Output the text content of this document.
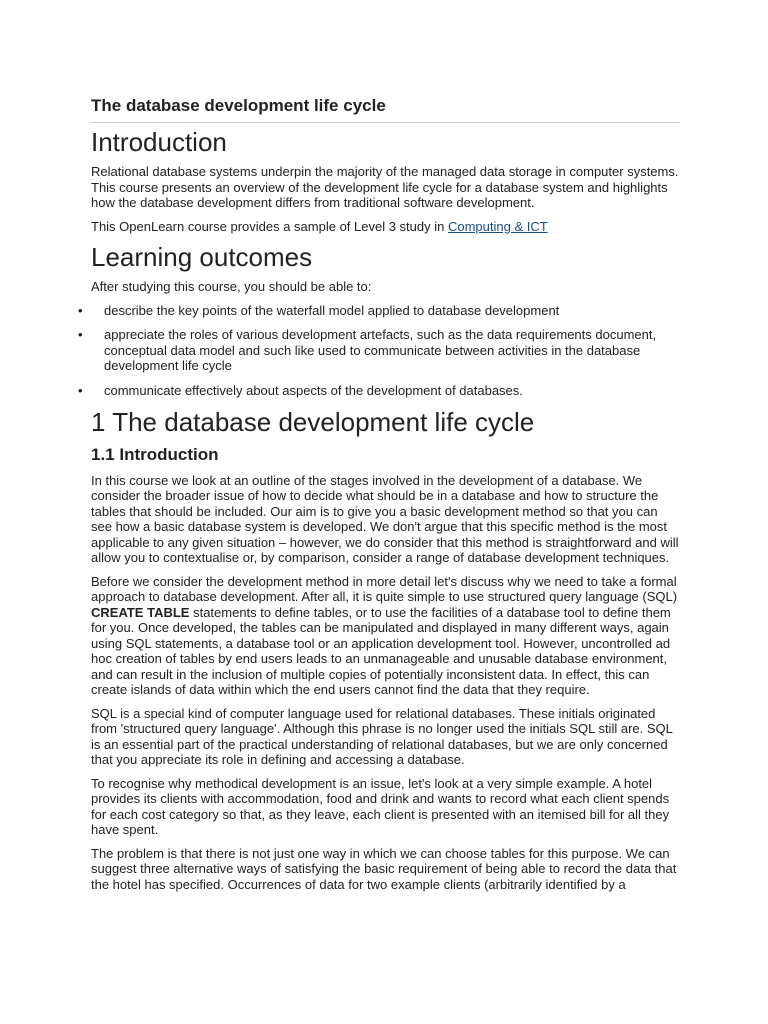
The database development life cycle
Introduction

Relational database systems underpin the majority of the managed data storage in computer systems. This course presents an overview of the development life cycle for a database system and highlights how the database development differs from traditional software development.

This OpenLearn course provides a sample of Level 3 study in Computing & ICT

Learning outcomes

After studying this course, you should be able to:

• describe the key points of the waterfall model applied to database development
• appreciate the roles of various development artefacts, such as the data requirements document, conceptual data model and such like used to communicate between activities in the database development life cycle
• communicate effectively about aspects of the development of databases.
1 The database development life cycle
1.1 Introduction

In this course we look at an outline of the stages involved in the development of a database. We consider the broader issue of how to decide what should be in a database and how to structure the tables that should be included. Our aim is to give you a basic development method so that you can see how a basic database system is developed. We don't argue that this specific method is the most applicable to any given situation – however, we do consider that this method is straightforward and will allow you to contextualise or, by comparison, consider a range of database development techniques.

Before we consider the development method in more detail let's discuss why we need to take a formal approach to database development. After all, it is quite simple to use structured query language (SQL) CREATE TABLE statements to define tables, or to use the facilities of a database tool to define them for you. Once developed, the tables can be manipulated and displayed in many different ways, again using SQL statements, a database tool or an application development tool. However, uncontrolled ad hoc creation of tables by end users leads to an unmanageable and unusable database environment, and can result in the inclusion of multiple copies of potentially inconsistent data. In effect, this can create islands of data within which the end users cannot find the data that they require.

SQL is a special kind of computer language used for relational databases. These initials originated from 'structured query language'. Although this phrase is no longer used the initials SQL still are. SQL is an essential part of the practical understanding of relational databases, but we are only concerned that you appreciate its role in defining and accessing a database.

To recognise why methodical development is an issue, let's look at a very simple example. A hotel provides its clients with accommodation, food and drink and wants to record what each client spends for each cost category so that, as they leave, each client is presented with an itemised bill for all they have spent.

The problem is that there is not just one way in which we can choose tables for this purpose. We can suggest three alternative ways of satisfying the basic requirement of being able to record the data that the hotel has specified. Occurrences of data for two example clients (arbitrarily identified by a
